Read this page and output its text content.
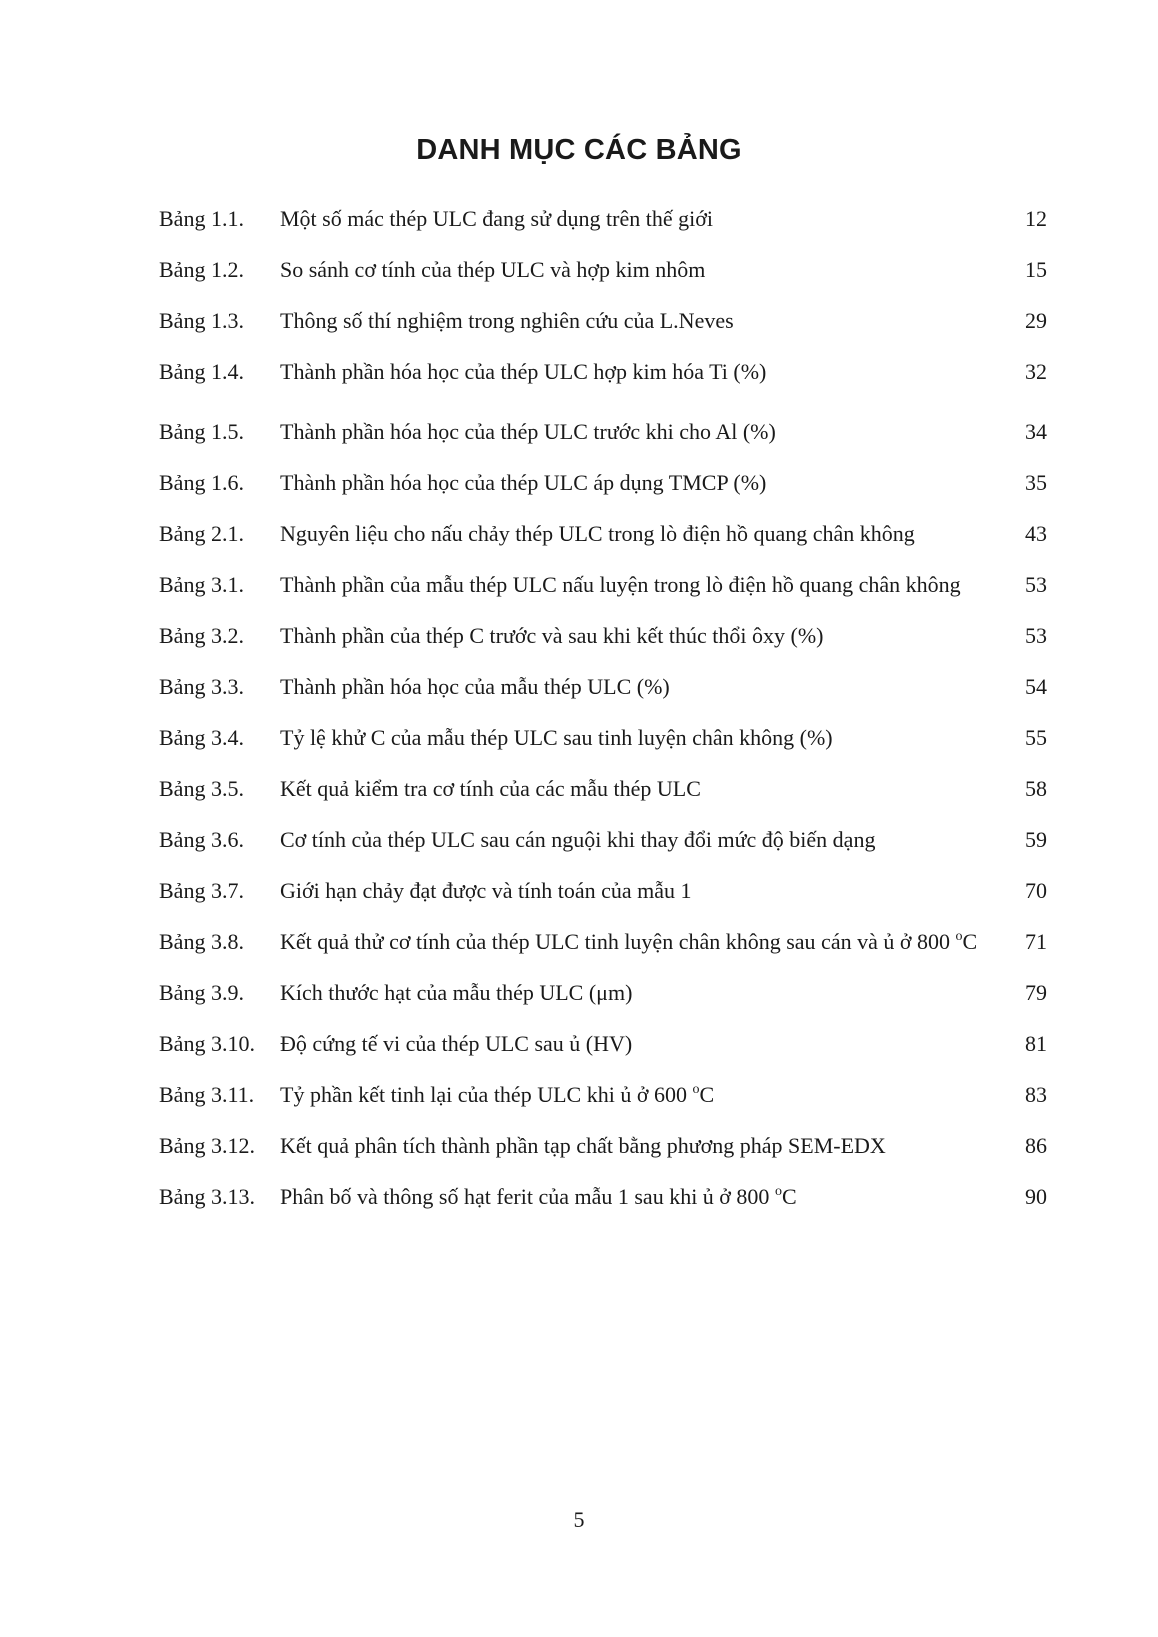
DANH MỤC CÁC BẢNG
Bảng 1.1.	Một số mác thép ULC đang sử dụng trên thế giới	12
Bảng 1.2.	So sánh cơ tính của thép ULC và hợp kim nhôm	15
Bảng 1.3.	Thông số thí nghiệm trong nghiên cứu của L.Neves	29
Bảng 1.4.	Thành phần hóa học của thép ULC hợp kim hóa Ti (%)	32
Bảng 1.5.	Thành phần hóa học của thép ULC trước khi cho Al (%)	34
Bảng 1.6.	Thành phần hóa học của thép ULC áp dụng TMCP (%)	35
Bảng 2.1.	Nguyên liệu cho nấu chảy thép ULC trong lò điện hồ quang chân không	43
Bảng 3.1.	Thành phần của mẫu thép ULC nấu luyện trong lò điện hồ quang chân không	53
Bảng 3.2.	Thành phần của thép C trước và sau khi kết thúc thổi ôxy (%)	53
Bảng 3.3.	Thành phần hóa học của mẫu thép ULC (%)	54
Bảng 3.4.	Tỷ lệ khử C của mẫu thép ULC sau tinh luyện chân không (%)	55
Bảng 3.5.	Kết quả kiểm tra cơ tính của các mẫu thép ULC	58
Bảng 3.6.	Cơ tính của thép ULC sau cán nguội khi thay đổi mức độ biến dạng	59
Bảng 3.7.	Giới hạn chảy đạt được và tính toán của mẫu 1	70
Bảng 3.8.	Kết quả thử cơ tính của thép ULC tinh luyện chân không sau cán và ủ ở 800 $^o$C	71
Bảng 3.9.	Kích thước hạt của mẫu thép ULC (μm)	79
Bảng 3.10.	Độ cứng tế vi của thép ULC sau ủ (HV)	81
Bảng 3.11.	Tỷ phần kết tinh lại của thép ULC khi ủ ở 600 $^o$C	83
Bảng 3.12.	Kết quả phân tích thành phần tạp chất bằng phương pháp SEM-EDX	86
Bảng 3.13.	Phân bố và thông số hạt ferit của mẫu 1 sau khi ủ ở 800 $^o$C	90
5
